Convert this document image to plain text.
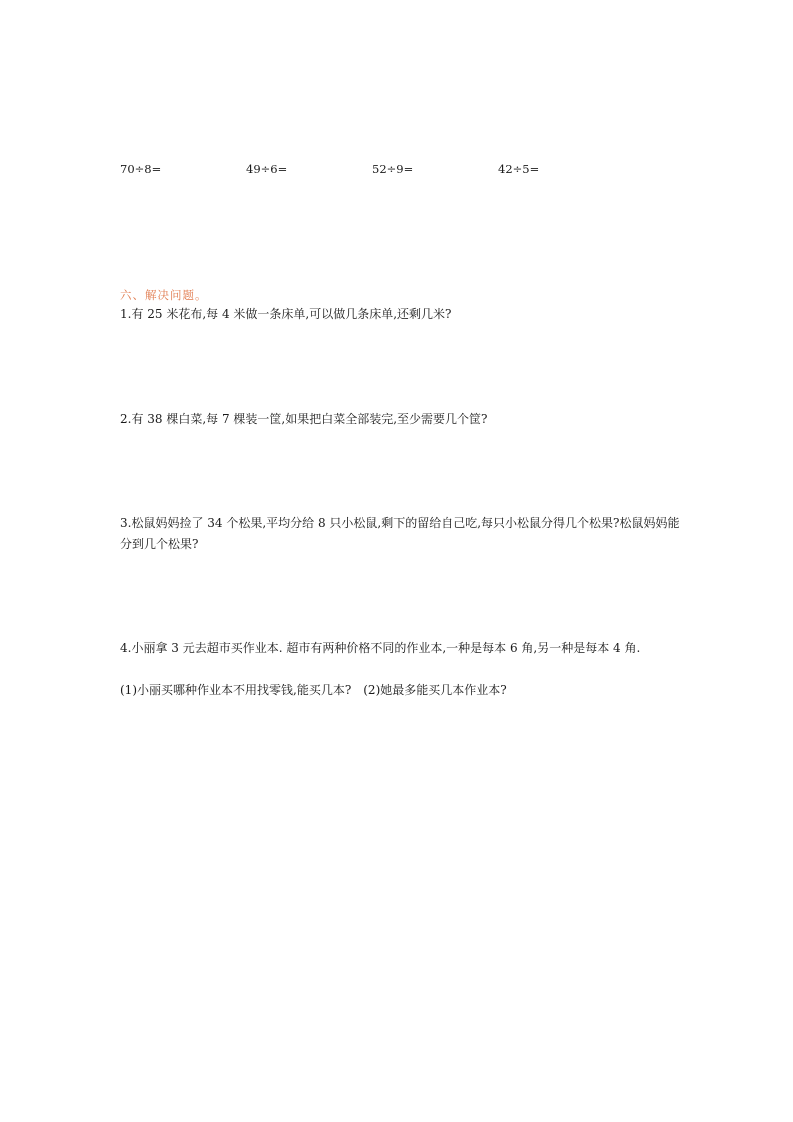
70÷8=	49÷6=	52÷9=	42÷5=
六、解决问题。
1.有 25 米花布,每 4 米做一条床单,可以做几条床单,还剩几米?
2.有 38 棵白菜,每 7 棵装一筐,如果把白菜全部装完,至少需要几个筐?
3.松鼠妈妈捡了 34 个松果,平均分给 8 只小松鼠,剩下的留给自己吃,每只小松鼠分得几个松果?松鼠妈妈能分到几个松果?
4.小丽拿 3 元去超市买作业本. 超市有两种价格不同的作业本,一种是每本 6 角,另一种是每本 4 角.
(1)小丽买哪种作业本不用找零钱,能买几本? (2)她最多能买几本作业本?
